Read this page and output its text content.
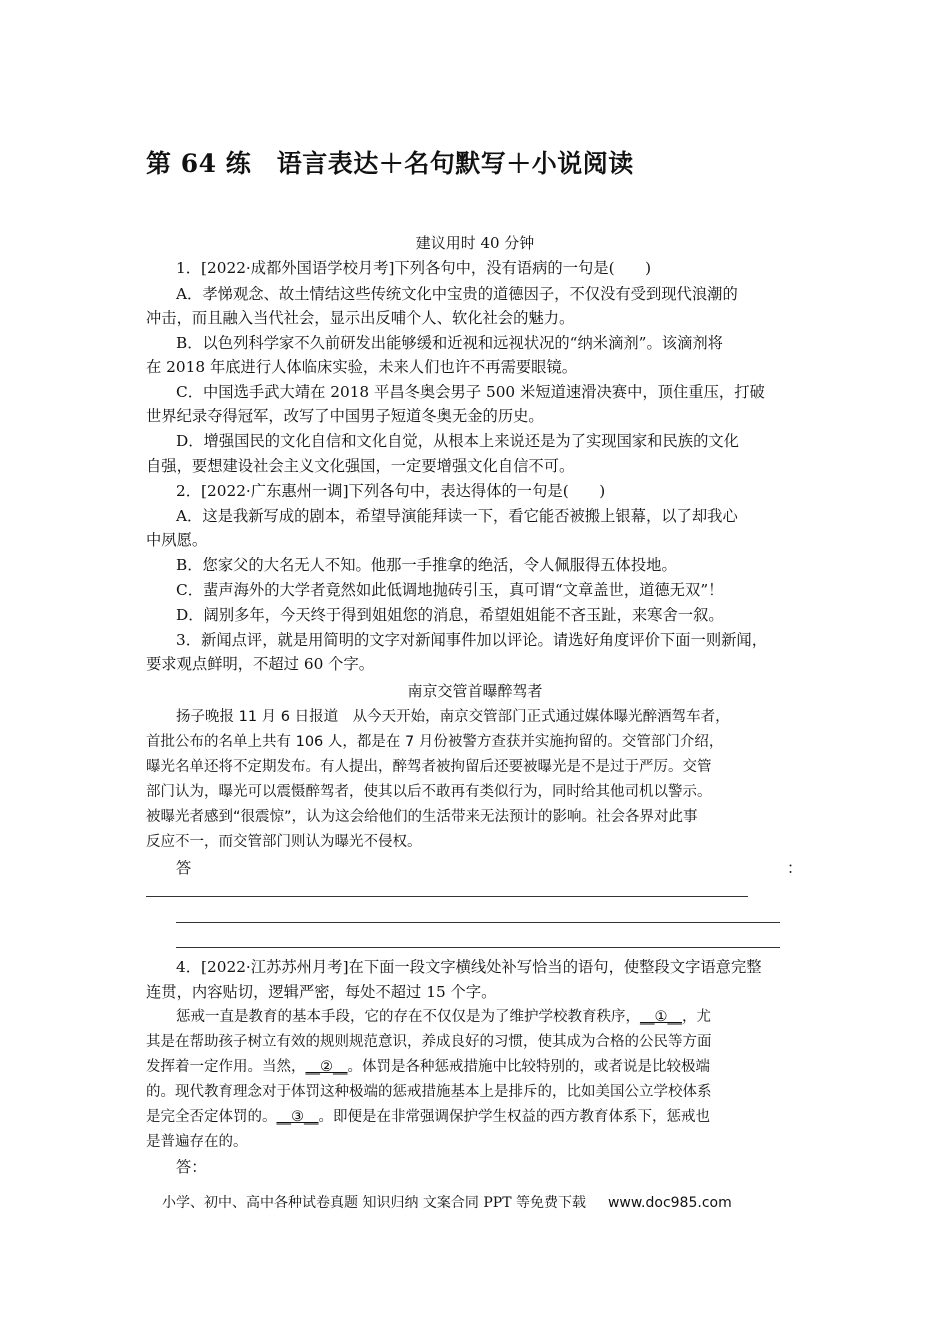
第 64 练　语言表达＋名句默写＋小说阅读
建议用时 40 分钟
1．[2022·成都外国语学校月考]下列各句中，没有语病的一句是(　　)
A．孝悌观念、故土情结这些传统文化中宝贵的道德因子，不仅没有受到现代浪潮的
冲击，而且融入当代社会，显示出反哺个人、软化社会的魅力。
B．以色列科学家不久前研发出能够缓和近视和远视状况的“纳米滴剂”。该滴剂将
在 2018 年底进行人体临床实验，未来人们也许不再需要眼镜。
C．中国选手武大靖在 2018 平昌冬奥会男子 500 米短道速滑决赛中，顶住重压，打破
世界纪录夺得冠军，改写了中国男子短道冬奥无金的历史。
D．增强国民的文化自信和文化自觉，从根本上来说还是为了实现国家和民族的文化
自强，要想建设社会主义文化强国，一定要增强文化自信不可。
2．[2022·广东惠州一调]下列各句中，表达得体的一句是(　　)
A．这是我新写成的剧本，希望导演能拜读一下，看它能否被搬上银幕，以了却我心
中夙愿。
B．您家父的大名无人不知。他那一手推拿的绝活，令人佩服得五体投地。
C．蜚声海外的大学者竟然如此低调地抛砖引玉，真可谓“文章盖世，道德无双”！
D．阔别多年，今天终于得到姐姐您的消息，希望姐姐能不吝玉趾，来寒舍一叙。
3．新闻点评，就是用简明的文字对新闻事件加以评论。请选好角度评价下面一则新闻，
要求观点鲜明，不超过 60 个字。
南京交管首曝醉驾者
扬子晚报 11 月 6 日报道　从今天开始，南京交管部门正式通过媒体曝光醉酒驾车者，
首批公布的名单上共有 106 人，都是在 7 月份被警方查获并实施拘留的。交管部门介绍，
曝光名单还将不定期发布。有人提出，醉驾者被拘留后还要被曝光是不是过于严厉。交管
部门认为，曝光可以震慑醉驾者，使其以后不敢再有类似行为，同时给其他司机以警示。
被曝光者感到“很震惊”，认为这会给他们的生活带来无法预计的影响。社会各界对此事
反应不一，而交管部门则认为曝光不侵权。
答	：
4．[2022·江苏苏州月考]在下面一段文字横线处补写恰当的语句，使整段文字语意完整
连贯，内容贴切，逻辑严密，每处不超过 15 个字。
惩戒一直是教育的基本手段，它的存在不仅仅是为了维护学校教育秩序，__①__，尤
其是在帮助孩子树立有效的规则规范意识，养成良好的习惯，使其成为合格的公民等方面
发挥着一定作用。当然，__②__。体罚是各种惩戒措施中比较特别的，或者说是比较极端
的。现代教育理念对于体罚这种极端的惩戒措施基本上是排斥的，比如美国公立学校体系
是完全否定体罚的。__③__。即便是在非常强调保护学生权益的西方教育体系下，惩戒也
是普遍存在的。
答：
小学、初中、高中各种试卷真题 知识归纳 文案合同 PPT 等免费下载 www.doc985.com
